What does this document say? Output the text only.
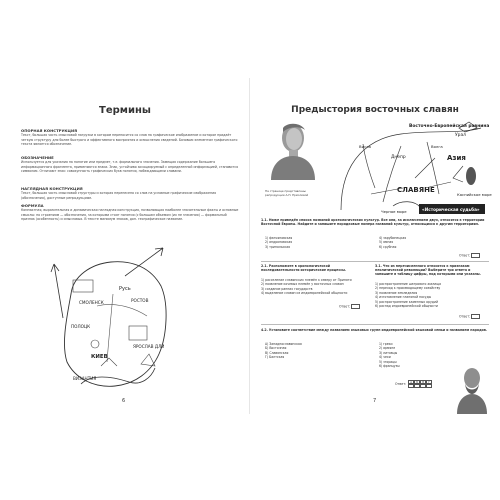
Термины
ОПОРНАЯ КОНСТРУКЦИЯ
Текст, большая часть смысловой нагрузки в котором переносится со слов на графическое изображение и которое придаёт четкую структуру для более быстрого и эффективного восприятия и осмысления сведений. Базовым элементом графического текста является обозначение.
ОБОЗНАЧЕНИЕ
Используется для указания на понятие или предмет, т.е. формального значения. Замещая содержание большего информационного фрагмента, применяются знаки. Знак, устойчиво ассоциируемый с определенной информацией, становится символом. Отличают знак: совокупность графических букв понятия, побеждающими словами.
НАГЛЯДНАЯ КОНСТРУКЦИЯ
Текст, большая часть смысловой структуры и которая перенесена со слов на условные графические изображения (обозначения), доступные репродукциям.
ФОРМУЛА
Компактная, выразительная и динамическая наглядная конструкция, позволяющая наиболее значительные факты и основные смыслы: по строениям — обозначения, за которыми стоят понятия (с большим объемом (их не значения) — формальный признак (особенность) и смысловых. В тексте минимум знаков, доп. географическое название.
СМОЛЕНСК
Русь
РОСТОВ
ЯРОСЛАВ ДЛИ
КИЕВ
ВИЗАНТИЯ
ПОЛОЦК
6
Предыстория восточных славян
На странице представлены репродукции А.Н. Ермоловой
Восточно-Европейская равнина
Урал
Азия
Каспийское море
Черное море
СЛАВЯНЕ
Висла
Днепр
Волга
«Историческая судьба»
1.1. Ниже приведён список названий археологических культур. Все они, за исключением двух, относятся к территории Восточной Европы. Найдите и запишите порядковые номера названий культур, относящихся к другим территориям.
1) фатьяновская
2) андроновская
3) трипольская
4) зарубинецкая
5) ямная
6) срубная
Ответ:
2.1. Расположите в хронологической последовательности исторические процессы.
1) расселение славянских племён к северу от Припяти
2) появление кочевых племён у восточных славян
3) создание ранних государств
4) выделение славян из индоевропейской общности
Ответ:
3.1. Что из перечисленного относится к признакам неолитической революции? Выберите три ответа и запишите в таблицу цифры, под которыми они указаны.
1) распространение шатрового жилища
2) переход к производящему хозяйству
3) появление земледелия
4) изготовление глиняной посуды
5) распространение каменных орудий
6) распад индоевропейской общности
Ответ:
4.2. Установите соответствие между названием языковых групп индоевропейской языковой семьи и названием народов.
А) Западнославянская
Б) Восточная
В) Славянская
Г) Балтская
1) греки
2) армяне
3) литовцы
4) чехи
5) згорацы
6) французы
Ответ:	А	Б	В	Г
7
